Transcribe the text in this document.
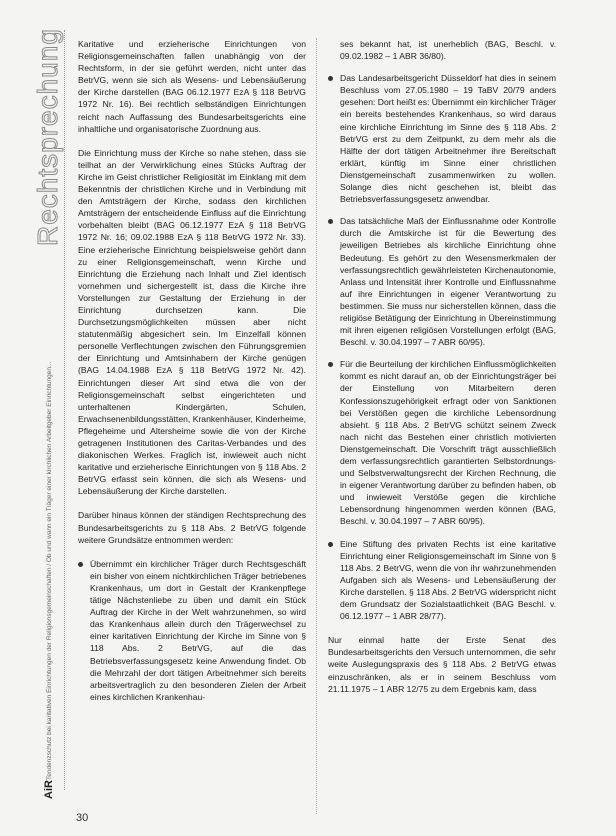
Rechtsprechung
Tendenzschutz bei karitativen Einrichtungen der Religionsgemeinschaften / Ob und wann ein Träger einer kirchlichen Arbeitgeber Einrichtungen...
AiR

Karitative und erzieherische Einrichtungen von Religionsgemeinschaften fallen unabhängig von der Rechtsform, in der sie geführt werden, nicht unter das BetrVG, wenn sie sich als Wesens- und Lebensäußerung der Kirche darstellen (BAG 06.12.1977 EzA § 118 BetrVG 1972 Nr. 16). Bei rechtlich selbständigen Einrichtungen reicht nach Auffassung des Bundesarbeitsgerichts eine inhaltliche und organisatorische Zuordnung aus.

Die Einrichtung muss der Kirche so nahe stehen, dass sie teilhat an der Verwirklichung eines Stücks Auftrag der Kirche im Geist christlicher Religiosität im Einklang mit dem Bekenntnis der christlichen Kirche und in Verbindung mit den Amtsträgern der Kirche, sodass den kirchlichen Amtsträgern der entscheidende Einfluss auf die Einrichtung vorbehalten bleibt (BAG 06.12.1977 EzA § 118 BetrVG 1972 Nr. 16; 09.02.1988 EzA § 118 BetrVG 1972 Nr. 33). Eine erzieherische Einrichtung beispielsweise gehört dann zu einer Religionsgemeinschaft, wenn Kirche und Einrichtung die Erziehung nach Inhalt und Ziel identisch vornehmen und sichergestellt ist, dass die Kirche ihre Vorstellungen zur Gestaltung der Erziehung in der Einrichtung durchsetzen kann. Die Durchsetzungsmöglichkeiten müssen aber nicht statutenmäßig abgesichert sein. Im Einzelfall können personelle Verflechtungen zwischen den Führungsgremien der Einrichtung und Amtsinhabern der Kirche genügen (BAG 14.04.1988 EzA § 118 BetrVG 1972 Nr. 42). Einrichtungen dieser Art sind etwa die von der Religionsgemeinschaft selbst eingerichteten und unterhaltenen Kindergärten, Schulen, Erwachsenenbildungsstätten, Krankenhäuser, Kinderheime, Pflegeheime und Altersheime sowie die von der Kirche getragenen Institutionen des Caritas-Verbandes und des diakonischen Werkes. Fraglich ist, inwieweit auch nicht karitative und erzieherische Einrichtungen von § 118 Abs. 2 BetrVG erfasst sein können, die sich als Wesens- und Lebensäußerung der Kirche darstellen.

Darüber hinaus können der ständigen Rechtsprechung des Bundesarbeitsgerichts zu § 118 Abs. 2 BetrVG folgende weitere Grundsätze entnommen werden:

Übernimmt ein kirchlicher Träger durch Rechtsgeschäft ein bisher von einem nichtkirchlichen Träger betriebenes Krankenhaus, um dort in Gestalt der Krankenpflege tätige Nächstenliebe zu üben und damit ein Stück Auftrag der Kirche in der Welt wahrzunehmen, so wird das Krankenhaus allein durch den Trägerwechsel zu einer karitativen Einrichtung der Kirche im Sinne von § 118 Abs. 2 BetrVG, auf die das Betriebsverfassungsgesetz keine Anwendung findet. Ob die Mehrzahl der dort tätigen Arbeitnehmer sich bereits arbeitsvertraglich zu den besonderen Zielen der Arbeit eines kirchlichen Krankenhau-

ses bekannt hat, ist unerheblich (BAG, Beschl. v. 09.02.1982 – 1 ABR 36/80).

Das Landesarbeitsgericht Düsseldorf hat dies in seinem Beschluss vom 27.05.1980 – 19 TaBV 20/79 anders gesehen: Dort heißt es: Übernimmt ein kirchlicher Träger ein bereits bestehendes Krankenhaus, so wird daraus eine kirchliche Einrichtung im Sinne des § 118 Abs. 2 BetrVG erst zu dem Zeitpunkt, zu dem mehr als die Hälfte der dort tätigen Arbeitnehmer ihre Bereitschaft erklärt, künftig im Sinne einer christlichen Dienstgemeinschaft zusammenwirken zu wollen. Solange dies nicht geschehen ist, bleibt das Betriebsverfassungsgesetz anwendbar.
Das tatsächliche Maß der Einflussnahme oder Kontrolle durch die Amtskirche ist für die Bewertung des jeweiligen Betriebes als kirchliche Einrichtung ohne Bedeutung. Es gehört zu den Wesensmerkmalen der verfassungsrechtlich gewährleisteten Kirchenautonomie, Anlass und Intensität ihrer Kontrolle und Einflussnahme auf ihre Einrichtungen in eigener Verantwortung zu bestimmen. Sie muss nur sicherstellen können, dass die religiöse Betätigung der Einrichtung in Übereinstimmung mit ihren eigenen religiösen Vorstellungen erfolgt (BAG, Beschl. v. 30.04.1997 – 7 ABR 60/95).
Für die Beurteilung der kirchlichen Einflussmöglichkeiten kommt es nicht darauf an, ob der Einrichtungsträger bei der Einstellung von Mitarbeitern deren Konfessionszugehörigkeit erfragt oder von Sanktionen bei Verstößen gegen die kirchliche Lebensordnung absieht. § 118 Abs. 2 BetrVG schützt seinem Zweck nach nicht das Bestehen einer christlich motivierten Dienstgemeinschaft. Die Vorschrift trägt ausschließlich dem verfassungsrechtlich garantierten Selbstordnungs- und Selbstverwaltungsrecht der Kirchen Rechnung, die in eigener Verantwortung darüber zu befinden haben, ob und inwieweit Verstöße gegen die kirchliche Lebensordnung hingenommen werden können (BAG, Beschl. v. 30.04.1997 – 7 ABR 60/95).
Eine Stiftung des privaten Rechts ist eine karitative Einrichtung einer Religionsgemeinschaft im Sinne von § 118 Abs. 2 BetrVG, wenn die von ihr wahrzunehmenden Aufgaben sich als Wesens- und Lebensäußerung der Kirche darstellen. § 118 Abs. 2 BetrVG widerspricht nicht dem Grundsatz der Sozialstaatlichkeit (BAG Beschl. v. 06.12.1977 – 1 ABR 28/77).

Nur einmal hatte der Erste Senat des Bundesarbeitsgerichts den Versuch unternommen, die sehr weite Auslegungspraxis des § 118 Abs. 2 BetrVG etwas einzuschränken, als er in seinem Beschluss vom 21.11.1975 – 1 ABR 12/75 zu dem Ergebnis kam, dass

30
